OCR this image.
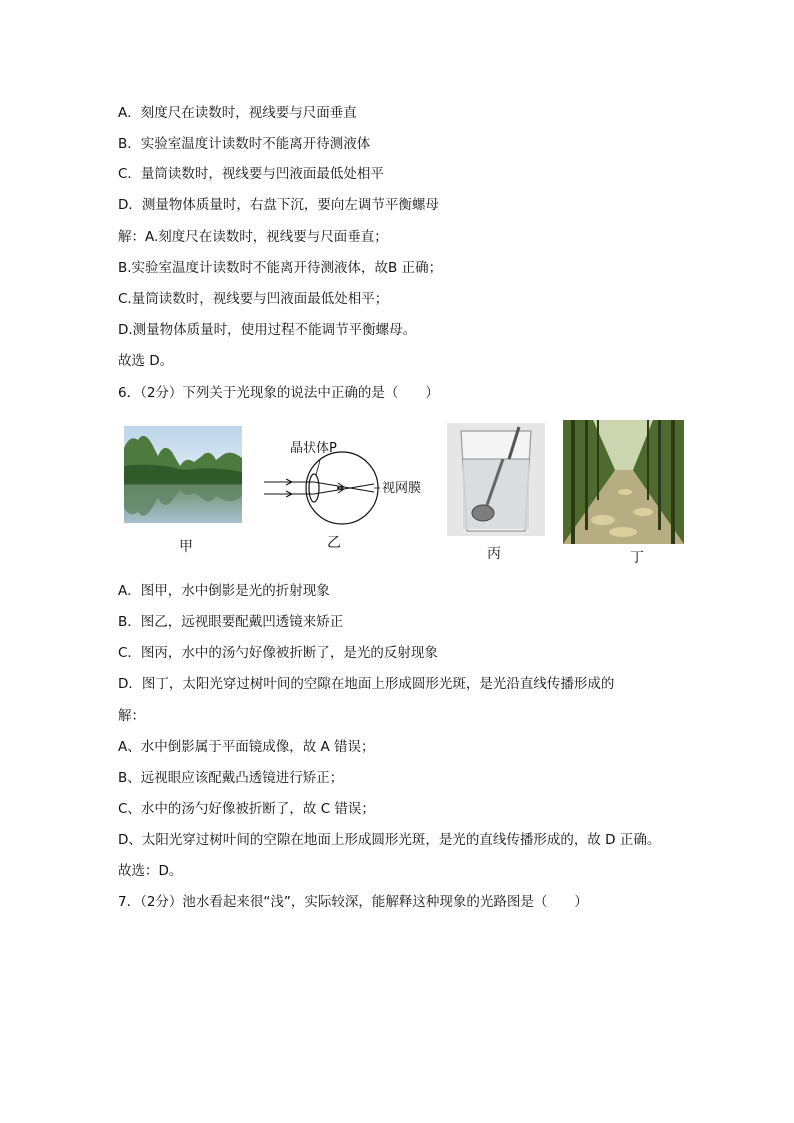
A．刻度尺在读数时，视线要与尺面垂直
B．实验室温度计读数时不能离开待测液体
C．量筒读数时，视线要与凹液面最低处相平
D．测量物体质量时，右盘下沉，要向左调节平衡螺母
解：A.刻度尺在读数时，视线要与尺面垂直；
B.实验室温度计读数时不能离开待测液体，故B 正确；
C.量筒读数时，视线要与凹液面最低处相平；
D.测量物体质量时，使用过程不能调节平衡螺母。
故选 D。
6．（2分）下列关于光现象的说法中正确的是（　　）
甲
晶状体P
视网膜
乙
丙	丁
A．图甲，水中倒影是光的折射现象
B．图乙，远视眼要配戴凹透镜来矫正
C．图丙，水中的汤勺好像被折断了，是光的反射现象
D．图丁，太阳光穿过树叶间的空隙在地面上形成圆形光斑，是光沿直线传播形成的
解：
A、水中倒影属于平面镜成像，故 A 错误；
B、远视眼应该配戴凸透镜进行矫正；
C、水中的汤勺好像被折断了，故 C 错误；
D、太阳光穿过树叶间的空隙在地面上形成圆形光斑，是光的直线传播形成的，故 D 正确。
故选：D。
7．（2分）池水看起来很“浅”，实际较深，能解释这种现象的光路图是（　　）
